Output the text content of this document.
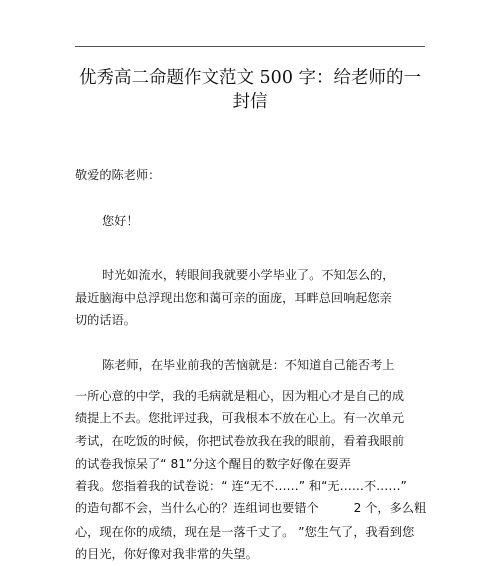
优秀高二命题作文范文 500 字：给老师的一
封信
敬爱的陈老师：
您好！
时光如流水，转眼间我就要小学毕业了。不知怎么的，
最近脑海中总浮现出您和蔼可亲的面庞，耳畔总回响起您亲
切的话语。
陈老师，在毕业前我的苦恼就是：不知道自己能否考上
一所心意的中学，我的毛病就是粗心，因为粗心才是自己的成
绩提上不去。您批评过我，可我根本不放在心上。有一次单元
考试，在吃饭的时候，你把试卷放我在我的眼前，看着我眼前
的试卷我惊呆了“ 81”分这个醒目的数字好像在耍弄
着我。您指着我的试卷说：“ 连“无不……” 和“无……不……”
的造句都不会，当什么心的？连组词也要错个         2 个，多么粗
心，现在你的成绩，现在是一落千丈了。 ”您生气了，我看到您
的目光，你好像对我非常的失望。
